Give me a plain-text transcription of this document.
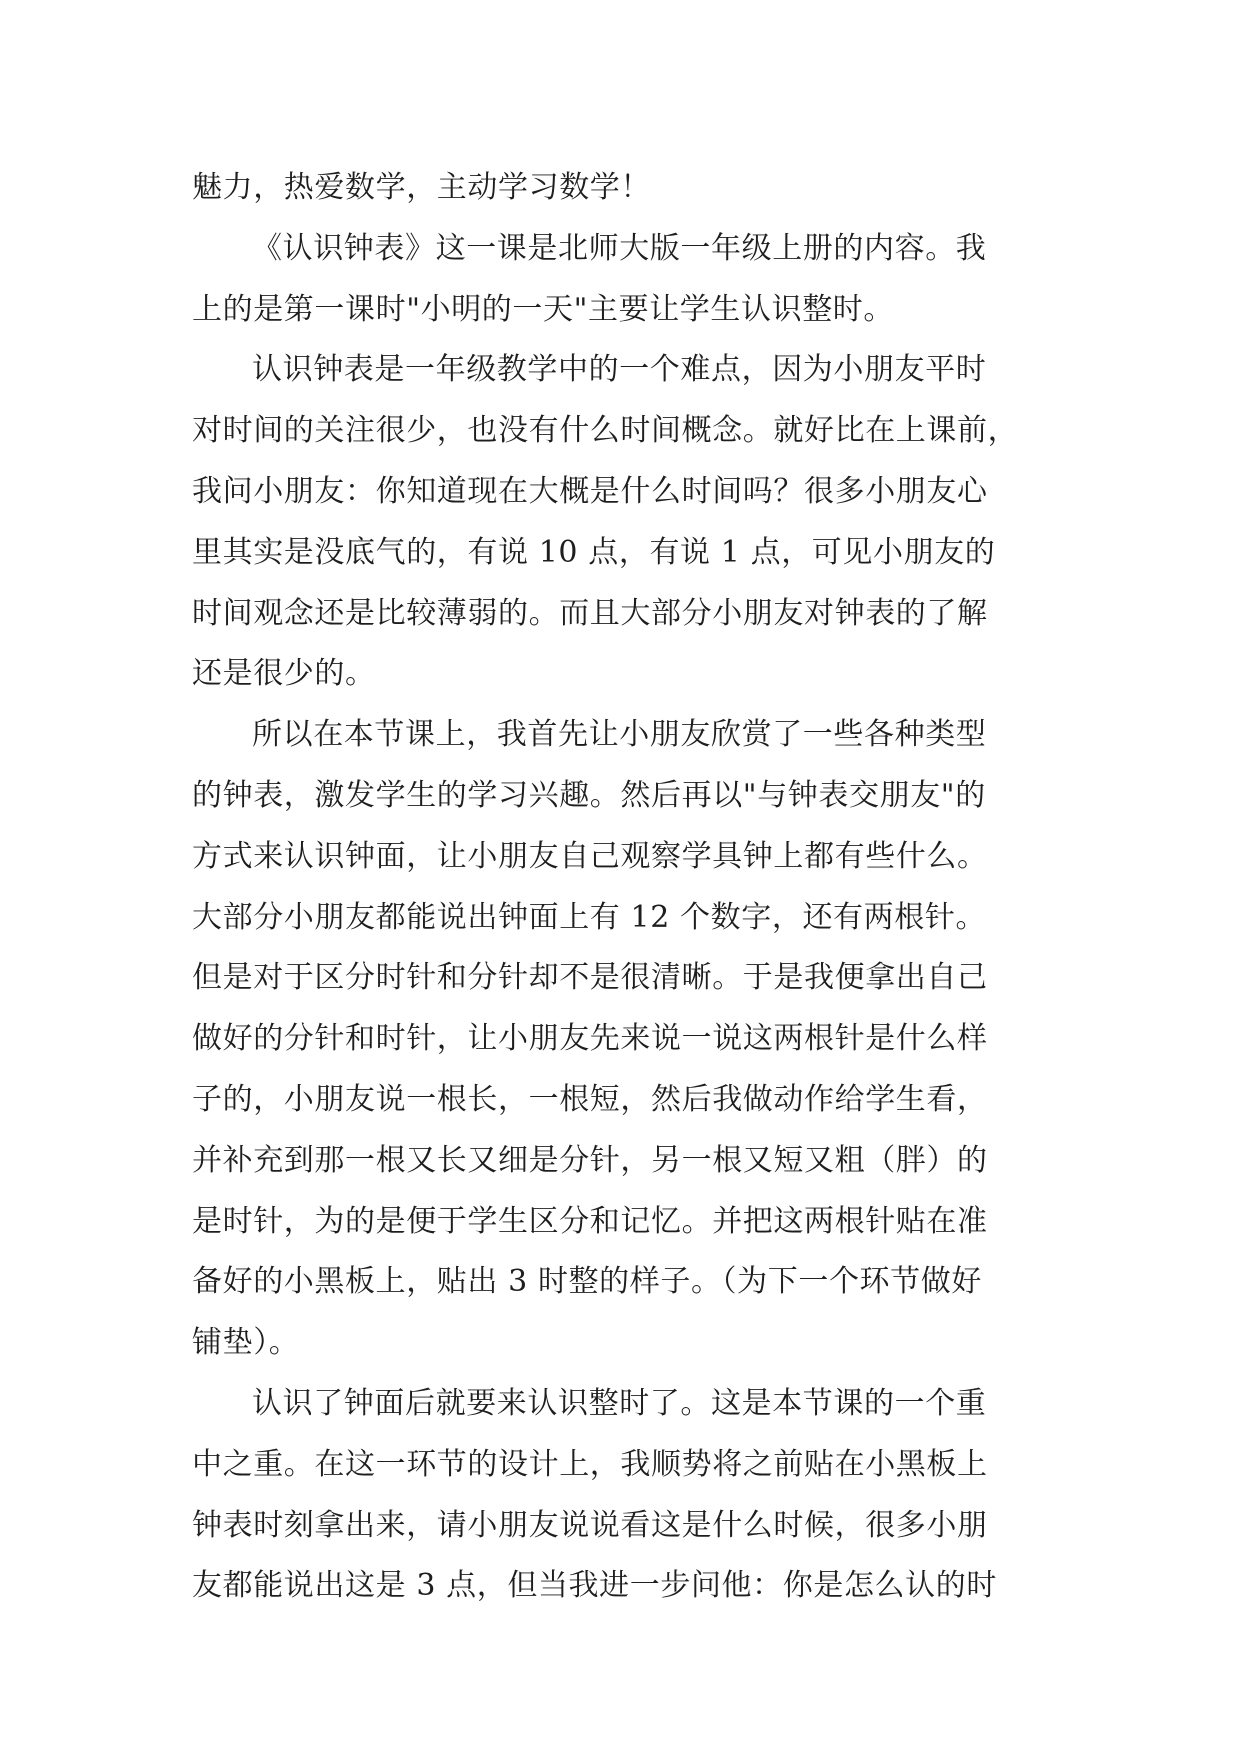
魅力，热爱数学，主动学习数学！
《认识钟表》这一课是北师大版一年级上册的内容。我
上的是第一课时"小明的一天"主要让学生认识整时。
认识钟表是一年级教学中的一个难点，因为小朋友平时
对时间的关注很少，也没有什么时间概念。就好比在上课前，
我问小朋友：你知道现在大概是什么时间吗？很多小朋友心
里其实是没底气的，有说 10 点，有说 1 点，可见小朋友的
时间观念还是比较薄弱的。而且大部分小朋友对钟表的了解
还是很少的。
所以在本节课上，我首先让小朋友欣赏了一些各种类型
的钟表，激发学生的学习兴趣。然后再以"与钟表交朋友"的
方式来认识钟面，让小朋友自己观察学具钟上都有些什么。
大部分小朋友都能说出钟面上有 12 个数字，还有两根针。
但是对于区分时针和分针却不是很清晰。于是我便拿出自己
做好的分针和时针，让小朋友先来说一说这两根针是什么样
子的，小朋友说一根长，一根短，然后我做动作给学生看，
并补充到那一根又长又细是分针，另一根又短又粗（胖）的
是时针，为的是便于学生区分和记忆。并把这两根针贴在准
备好的小黑板上，贴出 3 时整的样子。（为下一个环节做好
铺垫）。
认识了钟面后就要来认识整时了。这是本节课的一个重
中之重。在这一环节的设计上，我顺势将之前贴在小黑板上
钟表时刻拿出来，请小朋友说说看这是什么时候，很多小朋
友都能说出这是 3 点，但当我进一步问他：你是怎么认的时
